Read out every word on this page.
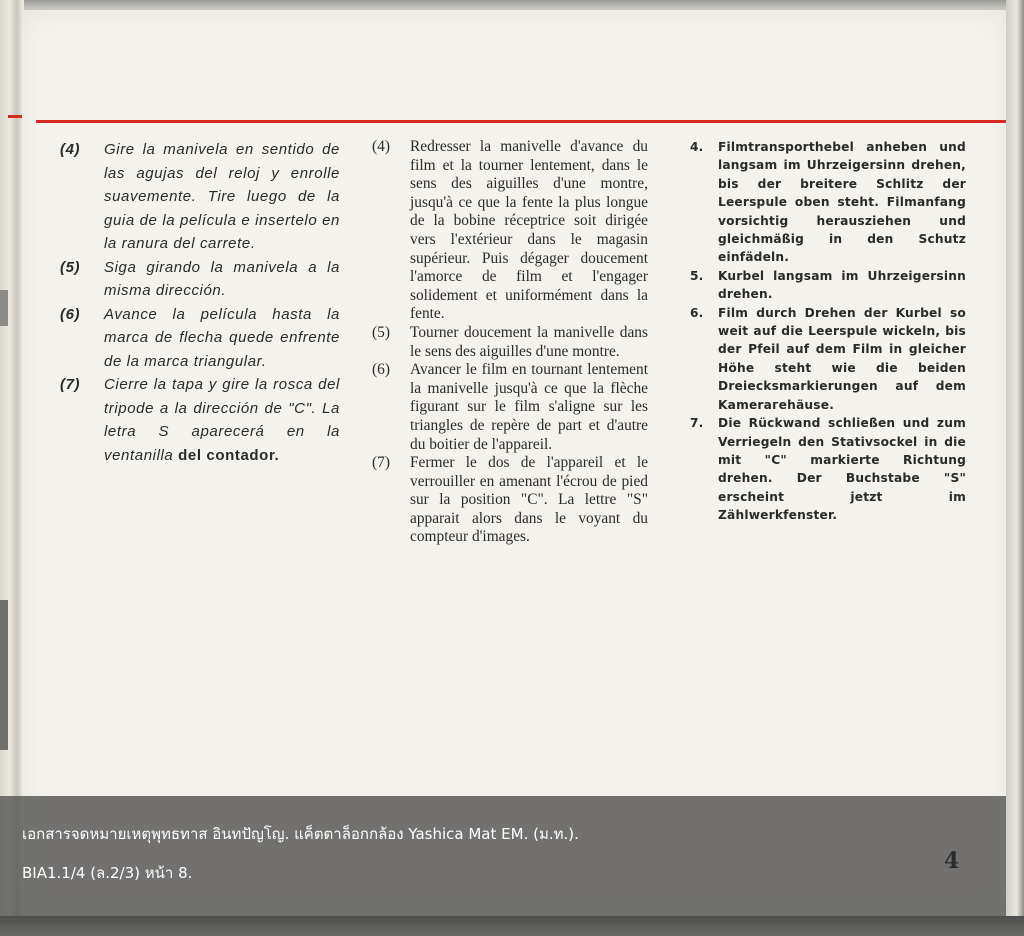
(4)	Gire la manivela en sentido de las agujas del reloj y enrolle suavemente. Tire luego de la guia de la película e insertelo en la ranura del carrete.
(5)	Siga girando la manivela a la misma dirección.
(6)	Avance la película hasta la marca de flecha quede enfrente de la marca triangular.
(7)	Cierre la tapa y gire la rosca del tripode a la dirección de "C". La letra S aparecerá en la ventanilla del contador.
(4)	Redresser la manivelle d'avance du film et la tourner lentement, dans le sens des aiguilles d'une montre, jusqu'à ce que la fente la plus longue de la bobine réceptrice soit dirigée vers l'extérieur dans le magasin supérieur. Puis dégager doucement l'amorce de film et l'engager solidement et uniformément dans la fente.
(5)	Tourner doucement la manivelle dans le sens des aiguilles d'une montre.
(6)	Avancer le film en tournant lentement la manivelle jusqu'à ce que la flèche figurant sur le film s'aligne sur les triangles de repère de part et d'autre du boitier de l'appareil.
(7)	Fermer le dos de l'appareil et le verrouiller en amenant l'écrou de pied sur la position "C". La lettre "S" apparait alors dans le voyant du compteur d'images.
4.	Filmtransporthebel anheben und langsam im Uhrzeigersinn drehen, bis der breitere Schlitz der Leerspule oben steht. Filmanfang vorsichtig herausziehen und gleichmäßig in den Schutz einfädeln.
5.	Kurbel langsam im Uhrzeigersinn drehen.
6.	Film durch Drehen der Kurbel so weit auf die Leerspule wickeln, bis der Pfeil auf dem Film in gleicher Höhe steht wie die beiden Dreiecksmarkierungen auf dem Kamerагehäuse.
7.	Die Rückwand schließen und zum Verriegeln den Stativsockel in die mit "C" markierte Richtung drehen. Der Buchstabe "S" erscheint jetzt im Zählwerkfenster.
เอกสารจดหมายเหตุพุทธทาส อินทปัญโญ. แค็ตตาล็อกกล้อง Yashica Mat EM. (ม.ท.).
BIA1.1/4 (ล.2/3) หน้า 8.	4
